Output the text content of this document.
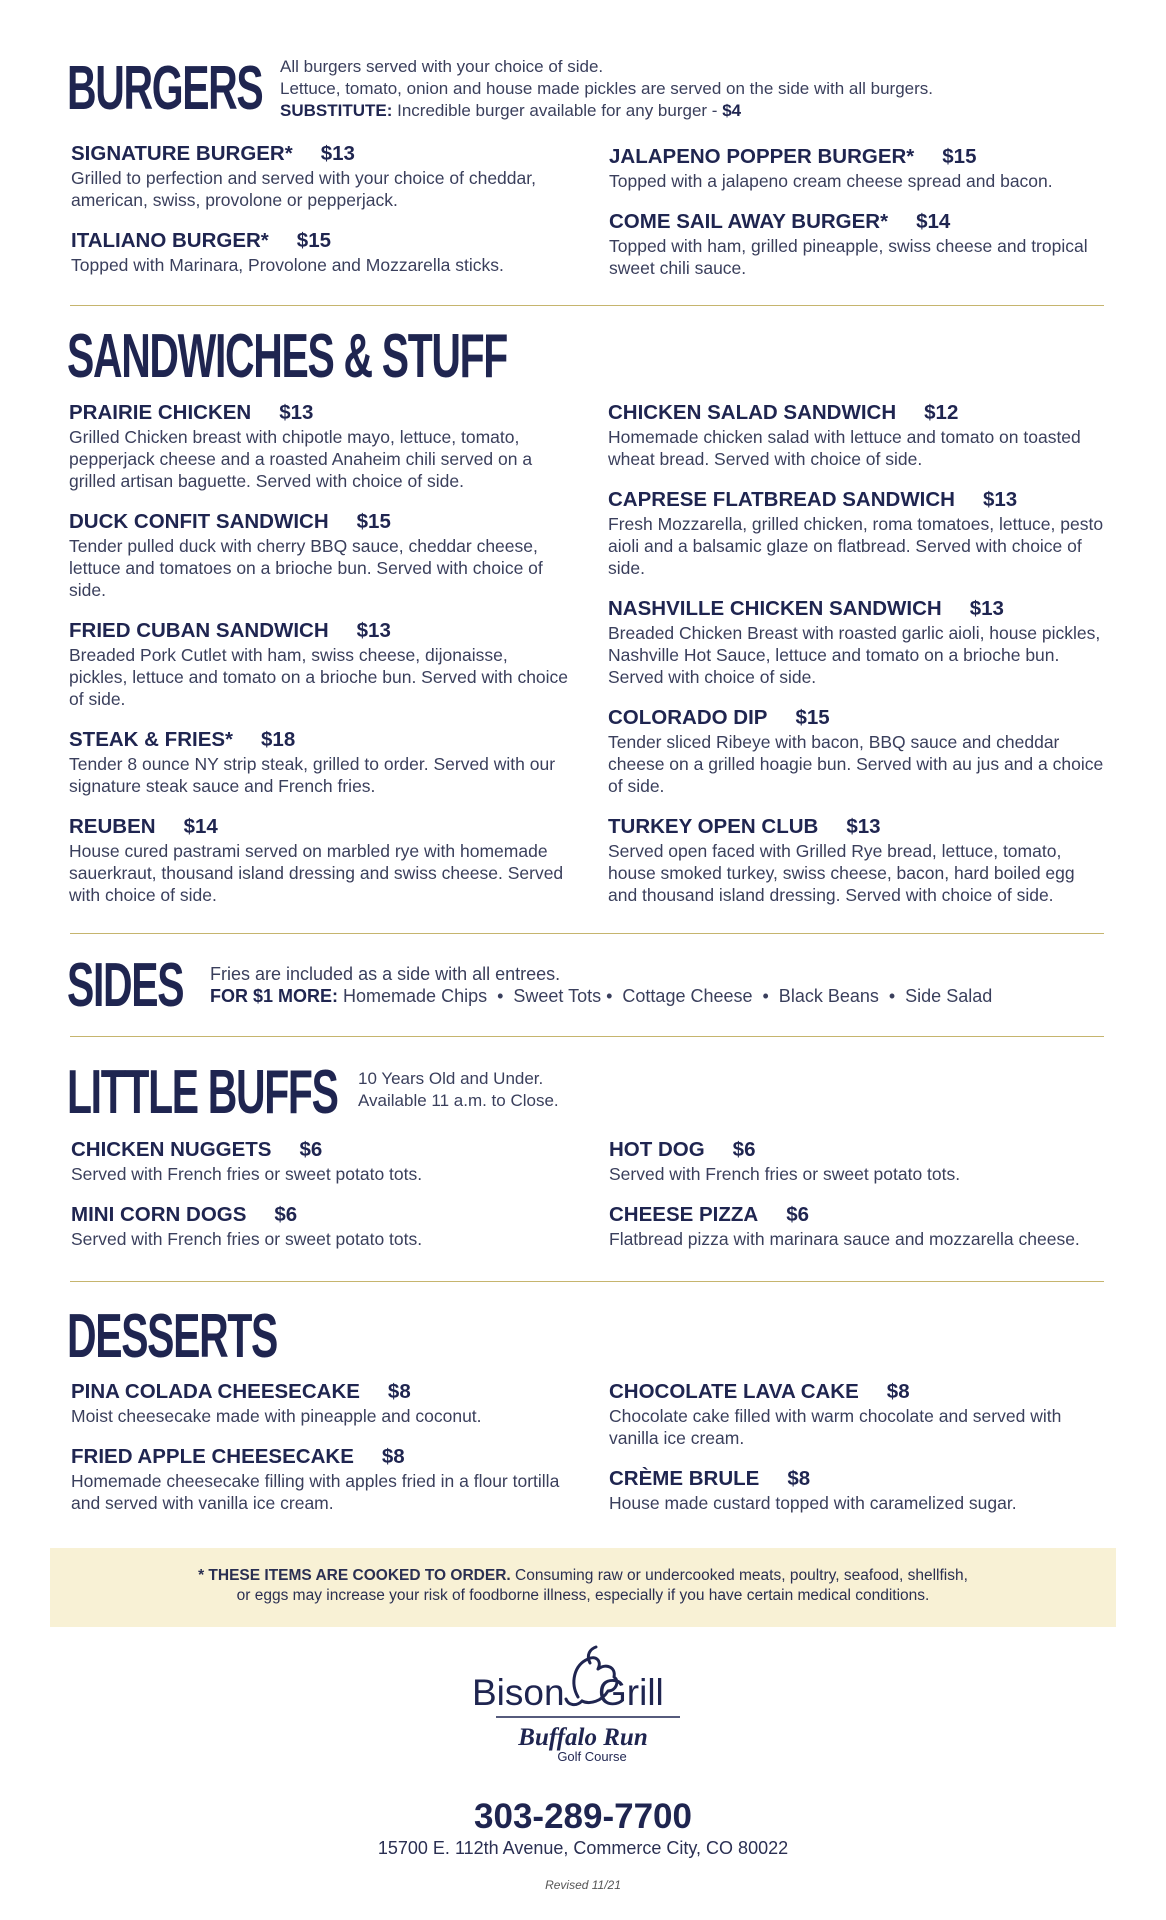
BURGERS All burgers served with your choice of side.
Lettuce, tomato, onion and house made pickles are served on the side with all burgers.
SUBSTITUTE: Incredible burger available for any burger - $4
SIGNATURE BURGER* $13
Grilled to perfection and served with your choice of cheddar, american, swiss, provolone or pepperjack.
ITALIANO BURGER* $15
Topped with Marinara, Provolone and Mozzarella sticks.
JALAPENO POPPER BURGER* $15
Topped with a jalapeno cream cheese spread and bacon.
COME SAIL AWAY BURGER* $14
Topped with ham, grilled pineapple, swiss cheese and tropical sweet chili sauce.
SANDWICHES & STUFF
PRAIRIE CHICKEN $13
Grilled Chicken breast with chipotle mayo, lettuce, tomato, pepperjack cheese and a roasted Anaheim chili served on a grilled artisan baguette. Served with choice of side.
DUCK CONFIT SANDWICH $15
Tender pulled duck with cherry BBQ sauce, cheddar cheese, lettuce and tomatoes on a brioche bun. Served with choice of side.
FRIED CUBAN SANDWICH $13
Breaded Pork Cutlet with ham, swiss cheese, dijonaisse, pickles, lettuce and tomato on a brioche bun. Served with choice of side.
STEAK & FRIES* $18
Tender 8 ounce NY strip steak, grilled to order. Served with our signature steak sauce and French fries.
REUBEN $14
House cured pastrami served on marbled rye with homemade sauerkraut, thousand island dressing and swiss cheese. Served with choice of side.
CHICKEN SALAD SANDWICH $12
Homemade chicken salad with lettuce and tomato on toasted wheat bread. Served with choice of side.
CAPRESE FLATBREAD SANDWICH $13
Fresh Mozzarella, grilled chicken, roma tomatoes, lettuce, pesto aioli and a balsamic glaze on flatbread. Served with choice of side.
NASHVILLE CHICKEN SANDWICH $13
Breaded Chicken Breast with roasted garlic aioli, house pickles, Nashville Hot Sauce, lettuce and tomato on a brioche bun. Served with choice of side.
COLORADO DIP $15
Tender sliced Ribeye with bacon, BBQ sauce and cheddar cheese on a grilled hoagie bun. Served with au jus and a choice of side.
TURKEY OPEN CLUB $13
Served open faced with Grilled Rye bread, lettuce, tomato, house smoked turkey, swiss cheese, bacon, hard boiled egg and thousand island dressing. Served with choice of side.
SIDES Fries are included as a side with all entrees.
FOR $1 MORE: Homemade Chips  •  Sweet Tots •  Cottage Cheese  •  Black Beans  •  Side Salad
LITTLE BUFFS 10 Years Old and Under.
Available 11 a.m. to Close.
CHICKEN NUGGETS $6
Served with French fries or sweet potato tots.
MINI CORN DOGS $6
Served with French fries or sweet potato tots.
HOT DOG $6
Served with French fries or sweet potato tots.
CHEESE PIZZA $6
Flatbread pizza with marinara sauce and mozzarella cheese.
DESSERTS
PINA COLADA CHEESECAKE $8
Moist cheesecake made with pineapple and coconut.
FRIED APPLE CHEESECAKE $8
Homemade cheesecake filling with apples fried in a flour tortilla and served with vanilla ice cream.
CHOCOLATE LAVA CAKE $8
Chocolate cake filled with warm chocolate and served with vanilla ice cream.
CRÈME BRULE $8
House made custard topped with caramelized sugar.
* THESE ITEMS ARE COOKED TO ORDER. Consuming raw or undercooked meats, poultry, seafood, shellfish,
or eggs may increase your risk of foodborne illness, especially if you have certain medical conditions.
Bison Grill
Buffalo Run
Golf Course
303-289-7700
15700 E. 112th Avenue, Commerce City, CO 80022
Revised 11/21
